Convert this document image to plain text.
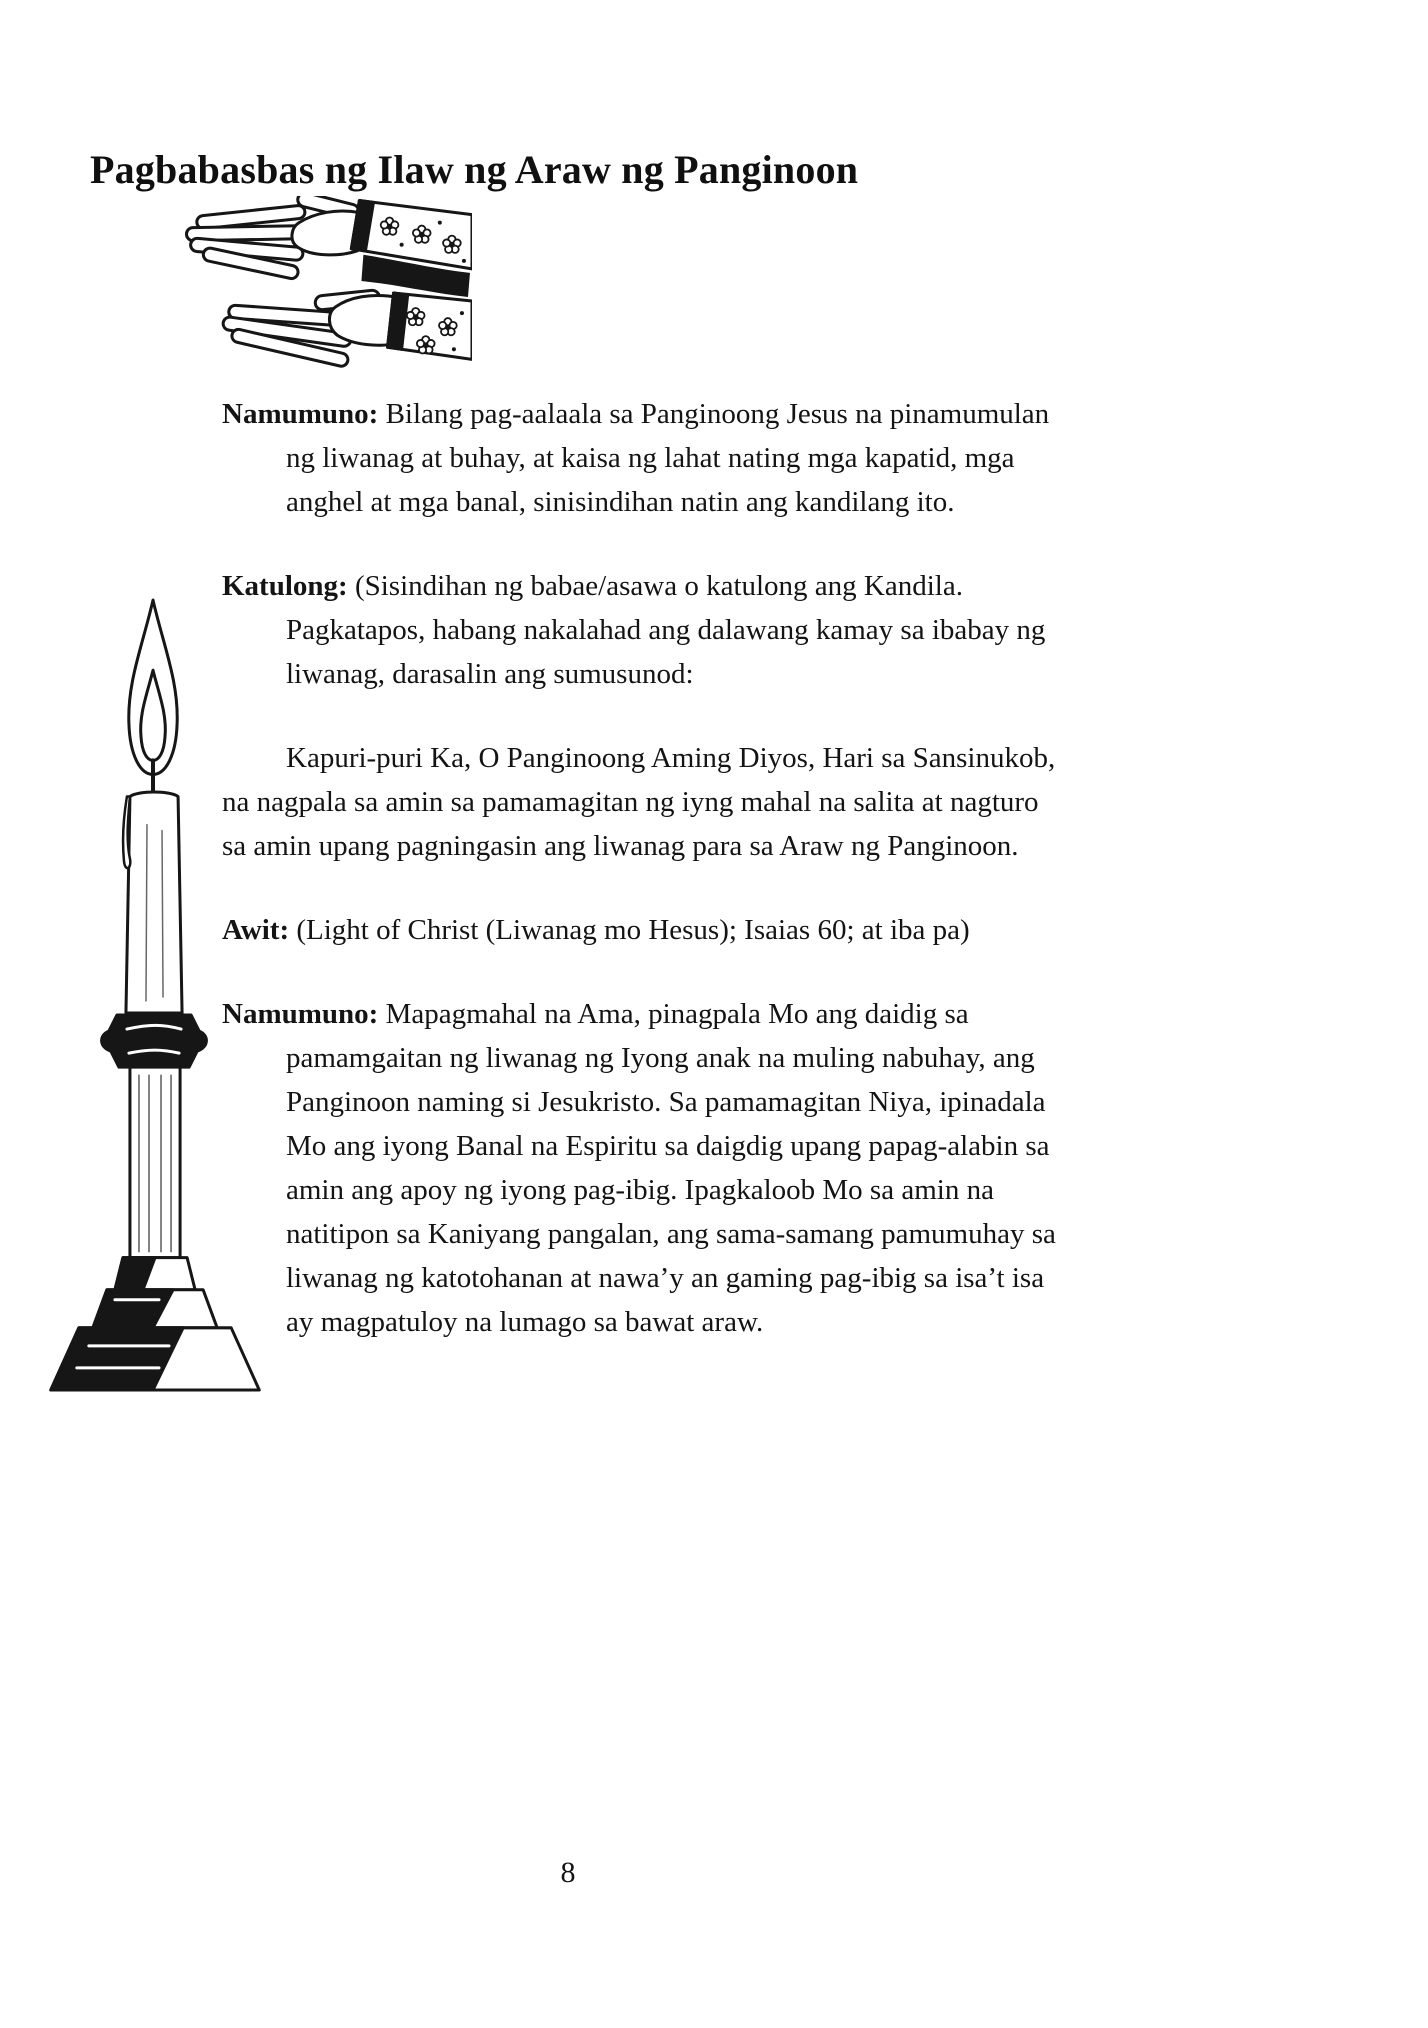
Pagbabasbas ng Ilaw ng Araw ng Panginoon

Namumuno: Bilang pag-aalaala sa Panginoong Jesus na pinamumulan ng liwanag at buhay, at kaisa ng lahat nating mga kapatid, mga anghel at mga banal, sinisindihan natin ang kandilang ito.

Katulong: (Sisindihan ng babae/asawa o katulong ang Kandila. Pagkatapos, habang nakalahad ang dalawang kamay sa ibabay ng liwanag, darasalin ang sumusunod:

Kapuri-puri Ka, O Panginoong Aming Diyos, Hari sa Sansinukob, na nagpala sa amin sa pamamagitan ng iyng mahal na salita at nagturo sa amin upang pagningasin ang liwanag para sa Araw ng Panginoon.

Awit: (Light of Christ (Liwanag mo Hesus); Isaias 60; at iba pa)

Namumuno: Mapagmahal na Ama, pinagpala Mo ang daidig sa pamamgaitan ng liwanag ng Iyong anak na muling nabuhay, ang Panginoon naming si Jesukristo. Sa pamamagitan Niya, ipinadala Mo ang iyong Banal na Espiritu sa daigdig upang papag-alabin sa amin ang apoy ng iyong pag-ibig. Ipagkaloob Mo sa amin na natitipon sa Kaniyang pangalan, ang sama-samang pamumuhay sa liwanag ng katotohanan at nawa’y an gaming pag-ibig sa isa’t isa ay magpatuloy na lumago sa bawat araw.

8
